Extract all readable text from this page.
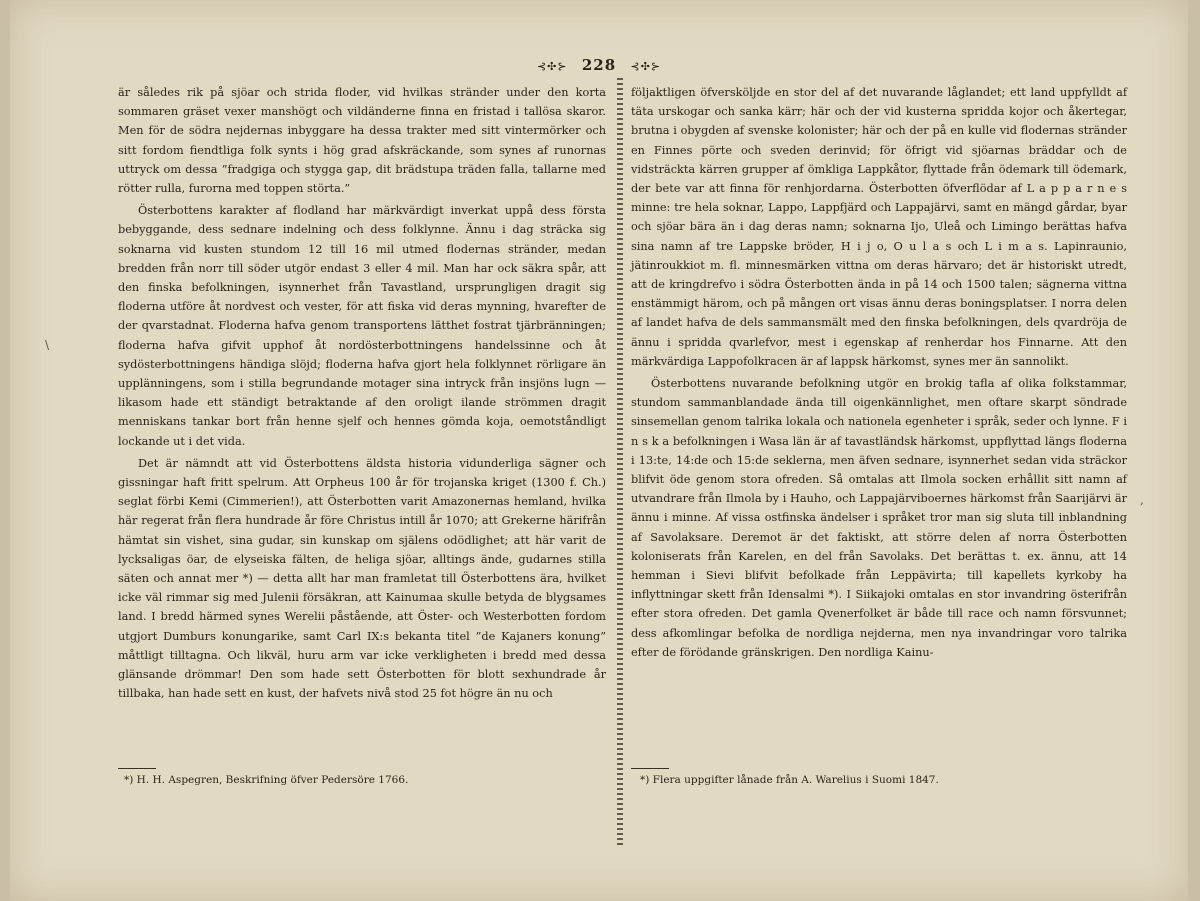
⊰✣⊱ 228 ⊰✣⊱

är således rik på sjöar och strida floder, vid hvilkas stränder under den korta sommaren gräset vexer manshögt och vildänderne finna en fristad i tallösa skaror. Men för de södra nejdernas inbyggare ha dessa trakter med sitt vintermörker och sitt fordom fiendtliga folk synts i hög grad afskräckande, som synes af runornas uttryck om dessa ”fradgiga och stygga gap, dit brädstupa träden falla, tallarne med rötter rulla, furorna med toppen störta.”

Österbottens karakter af flodland har märkvärdigt inverkat uppå dess första bebyggande, dess sednare indelning och dess folklynne. Ännu i dag sträcka sig soknarna vid kusten stundom 12 till 16 mil utmed flodernas stränder, medan bredden från norr till söder utgör endast 3 eller 4 mil. Man har ock säkra spår, att den finska befolkningen, isynnerhet från Tavastland, ursprungligen dragit sig floderna utföre åt nordvest och vester, för att fiska vid deras mynning, hvarefter de der qvarstadnat. Floderna hafva genom transportens lätthet fostrat tjärbränningen; floderna hafva gifvit upphof åt nordösterbottningens handelssinne och åt sydösterbottningens händiga slöjd; floderna hafva gjort hela folklynnet rörligare än upplänningens, som i stilla begrundande motager sina intryck från insjöns lugn — likasom hade ett ständigt betraktande af den oroligt ilande strömmen dragit menniskans tankar bort från henne sjelf och hennes gömda koja, oemotståndligt lockande ut i det vida.

Det är nämndt att vid Österbottens äldsta historia vidunderliga sägner och gissningar haft fritt spelrum. Att Orpheus 100 år för trojanska kriget (1300 f. Ch.) seglat förbi Kemi (Cimmerien!), att Österbotten varit Amazonernas hemland, hvilka här regerat från flera hundrade år före Christus intill år 1070; att Grekerne härifrån hämtat sin vishet, sina gudar, sin kunskap om själens odödlighet; att här varit de lycksaligas öar, de elyseiska fälten, de heliga sjöar, alltings ände, gudarnes stilla säten och annat mer *) — detta allt har man framletat till Österbottens ära, hvilket icke väl rimmar sig med Julenii försäkran, att Kainumaa skulle betyda de blygsames land. I bredd härmed synes Werelii påstående, att Öster- och Westerbotten fordom utgjort Dumburs konungarike, samt Carl IX:s bekanta titel ”de Kajaners konung” måttligt tilltagna. Och likväl, huru arm var icke verkligheten i bredd med dessa glänsande drömmar! Den som hade sett Österbotten för blott sexhundrade år tillbaka, han hade sett en kust, der hafvets nivå stod 25 fot högre än nu och

följaktligen öfversköljde en stor del af det nuvarande låglandet; ett land uppfylldt af täta urskogar och sanka kärr; här och der vid kusterna spridda kojor och åkertegar, brutna i obygden af svenske kolonister; här och der på en kulle vid flodernas stränder en Finnes pörte och sveden derinvid; för öfrigt vid sjöarnas bräddar och de vidsträckta kärren grupper af ömkliga Lappkåtor, flyttade från ödemark till ödemark, der bete var att finna för renhjordarna. Österbotten öfverflödar af L a p p a r n e s minne: tre hela soknar, Lappo, Lappfjärd och Lappajärvi, samt en mängd gårdar, byar och sjöar bära än i dag deras namn; soknarna Ijo, Uleå och Limingo berättas hafva sina namn af tre Lappske bröder, H i j o, O u l a s och L i m a s. Lapinraunio, jätinroukkiot m. fl. minnesmärken vittna om deras härvaro; det är historiskt utredt, att de kringdrefvo i södra Österbotten ända in på 14 och 1500 talen; sägnerna vittna enstämmigt härom, och på mången ort visas ännu deras boningsplatser. I norra delen af landet hafva de dels sammansmält med den finska befolkningen, dels qvardröja de ännu i spridda qvarlefvor, mest i egenskap af renherdar hos Finnarne. Att den märkvärdiga Lappofolkracen är af lappsk härkomst, synes mer än sannolikt.

Österbottens nuvarande befolkning utgör en brokig tafla af olika folkstammar, stundom sammanblandade ända till oigenkännlighet, men oftare skarpt söndrade sinsemellan genom talrika lokala och nationela egenheter i språk, seder och lynne. F i n s k a befolkningen i Wasa län är af tavastländsk härkomst, uppflyttad längs floderna i 13:te, 14:de och 15:de seklerna, men äfven sednare, isynnerhet sedan vida sträckor blifvit öde genom stora ofreden. Så omtalas att Ilmola socken erhållit sitt namn af utvandrare från Ilmola by i Hauho, och Lappajärviboernes härkomst från Saarijärvi är ännu i minne. Af vissa ostfinska ändelser i språket tror man sig sluta till inblandning af Savolaksare. Deremot är det faktiskt, att större delen af norra Österbotten koloniserats från Karelen, en del från Savolaks. Det berättas t. ex. ännu, att 14 hemman i Sievi blifvit befolkade från Leppävirta; till kapellets kyrkoby ha inflyttningar skett från Idensalmi *). I Siikajoki omtalas en stor invandring österifrån efter stora ofreden. Det gamla Qvenerfolket är både till race och namn försvunnet; dess afkomlingar befolka de nordliga nejderna, men nya invandringar voro talrika efter de förödande gränskrigen. Den nordliga Kainu-

*) H. H. Aspegren, Beskrifning öfver Pedersöre 1766.	*) Flera uppgifter lånade från A. Warelius i Suomi 1847.
\
,
